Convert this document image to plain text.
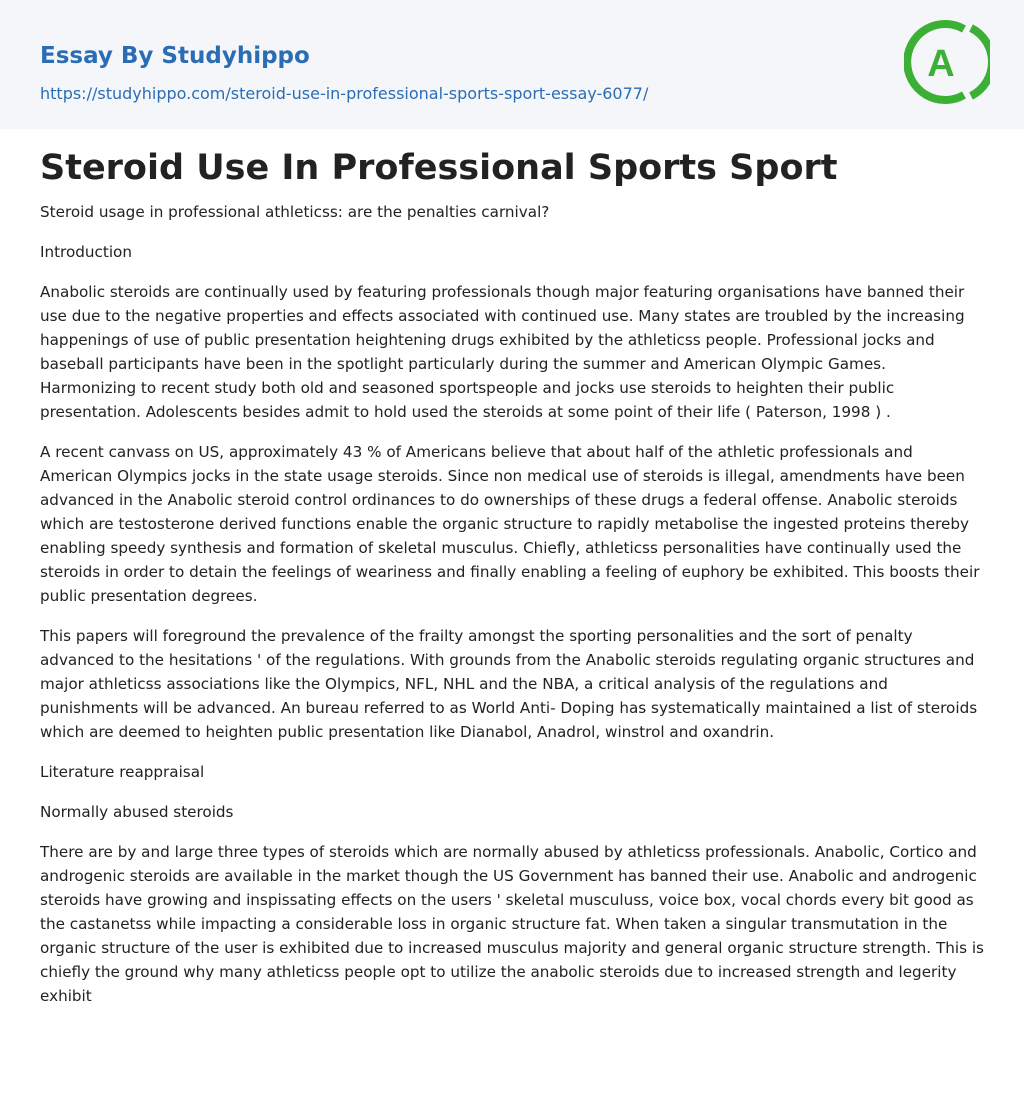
Essay By Studyhippo
https://studyhippo.com/steroid-use-in-professional-sports-sport-essay-6077/
A
Steroid Use In Professional Sports Sport

Steroid usage in professional athleticss: are the penalties carnival?

Introduction

Anabolic steroids are continually used by featuring professionals though major featuring organisations have banned their use due to the negative properties and effects associated with continued use. Many states are troubled by the increasing happenings of use of public presentation heightening drugs exhibited by the athleticss people. Professional jocks and baseball participants have been in the spotlight particularly during the summer and American Olympic Games. Harmonizing to recent study both old and seasoned sportspeople and jocks use steroids to heighten their public presentation. Adolescents besides admit to hold used the steroids at some point of their life ( Paterson, 1998 ) .

A recent canvass on US, approximately 43 % of Americans believe that about half of the athletic professionals and American Olympics jocks in the state usage steroids. Since non medical use of steroids is illegal, amendments have been advanced in the Anabolic steroid control ordinances to do ownerships of these drugs a federal offense. Anabolic steroids which are testosterone derived functions enable the organic structure to rapidly metabolise the ingested proteins thereby enabling speedy synthesis and formation of skeletal musculus. Chiefly, athleticss personalities have continually used the steroids in order to detain the feelings of weariness and finally enabling a feeling of euphory be exhibited. This boosts their public presentation degrees.

This papers will foreground the prevalence of the frailty amongst the sporting personalities and the sort of penalty advanced to the hesitations ' of the regulations. With grounds from the Anabolic steroids regulating organic structures and major athleticss associations like the Olympics, NFL, NHL and the NBA, a critical analysis of the regulations and punishments will be advanced. An bureau referred to as World Anti- Doping has systematically maintained a list of steroids which are deemed to heighten public presentation like Dianabol, Anadrol, winstrol and oxandrin.

Literature reappraisal

Normally abused steroids

There are by and large three types of steroids which are normally abused by athleticss professionals. Anabolic, Cortico and androgenic steroids are available in the market though the US Government has banned their use. Anabolic and androgenic steroids have growing and inspissating effects on the users ' skeletal musculuss, voice box, vocal chords every bit good as the castanetss while impacting a considerable loss in organic structure fat. When taken a singular transmutation in the organic structure of the user is exhibited due to increased musculus majority and general organic structure strength. This is chiefly the ground why many athleticss people opt to utilize the anabolic steroids due to increased strength and legerity exhibit
